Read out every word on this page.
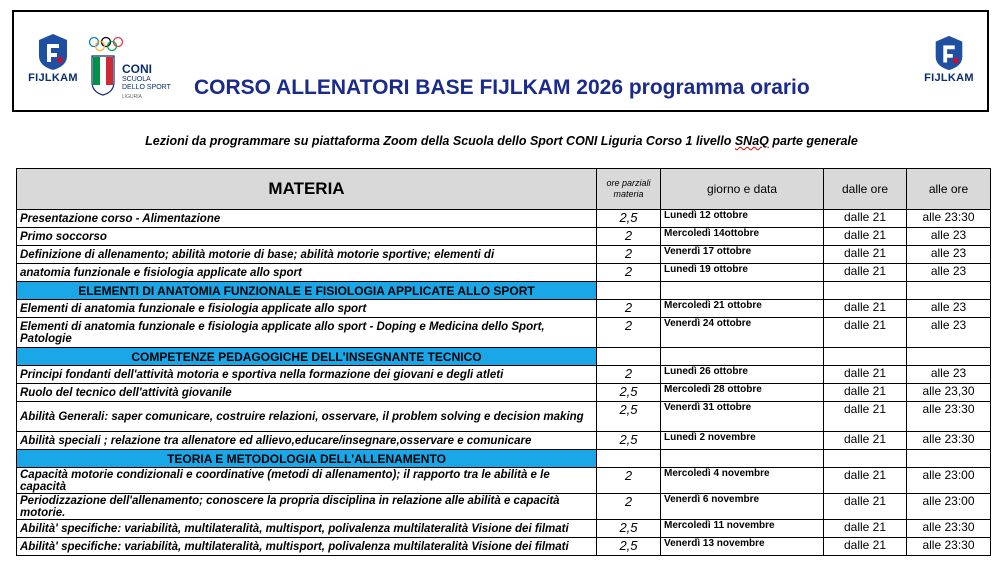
FIJLKAM
CONI
SCUOLA
DELLO SPORT
LIGURIA CORSO ALLENATORI BASE FIJLKAM 2026 programma orario	FIJLKAM
Lezioni da programmare su piattaforma Zoom della Scuola dello Sport CONI Liguria Corso 1 livello SNaQ parte generale
MATERIA	ore parziali materia	giorno e data	dalle ore	alle ore
Presentazione corso - Alimentazione	2,5	Lunedì 12 ottobre	dalle 21	alle 23:30
Primo soccorso	2	Mercoledì 14ottobre	dalle 21	alle 23
Definizione di allenamento; abilità motorie di base; abilità motorie sportive; elementi di	2	Venerdì 17 ottobre	dalle 21	alle 23
anatomia funzionale e fisiologia applicate allo sport	2	Lunedì 19 ottobre	dalle 21	alle 23
ELEMENTI DI ANATOMIA FUNZIONALE E FISIOLOGIA APPLICATE ALLO SPORT				
Elementi di anatomia funzionale e fisiologia applicate allo sport	2	Mercoledì 21 ottobre	dalle 21	alle 23
Elementi di anatomia funzionale e fisiologia applicate allo sport - Doping e Medicina dello Sport, Patologie	2	Venerdì 24 ottobre	dalle 21	alle 23
COMPETENZE PEDAGOGICHE DELL'INSEGNANTE TECNICO				
Principi fondanti dell'attività motoria e sportiva nella formazione dei giovani e degli atleti	2	Lunedì 26 ottobre	dalle 21	alle 23
Ruolo del tecnico dell'attività giovanile	2,5	Mercoledì 28 ottobre	dalle 21	alle 23,30
Abilità Generali: saper comunicare, costruire relazioni, osservare, il problem solving e decision making	2,5	Venerdì 31 ottobre	dalle 21	alle 23:30
Abilità speciali ; relazione tra allenatore ed allievo,educare/insegnare,osservare e comunicare	2,5	Lunedì 2 novembre	dalle 21	alle 23:30
TEORIA E METODOLOGIA DELL'ALLENAMENTO				
Capacità motorie condizionali e coordinative (metodi di allenamento); il rapporto tra le abilità e le capacità	2	Mercoledì 4 novembre	dalle 21	alle 23:00
Periodizzazione dell'allenamento; conoscere la propria disciplina in relazione alle abilità e capacità motorie.	2	Venerdì 6 novembre	dalle 21	alle 23:00
Abilità' specifiche: variabilità, multilateralità, multisport, polivalenza multilateralità Visione dei filmati	2,5	Mercoledì 11 novembre	dalle 21	alle 23:30
Abilità' specifiche: variabilità, multilateralità, multisport, polivalenza multilateralità Visione dei filmati	2,5	Venerdì 13 novembre	dalle 21	alle 23:30
